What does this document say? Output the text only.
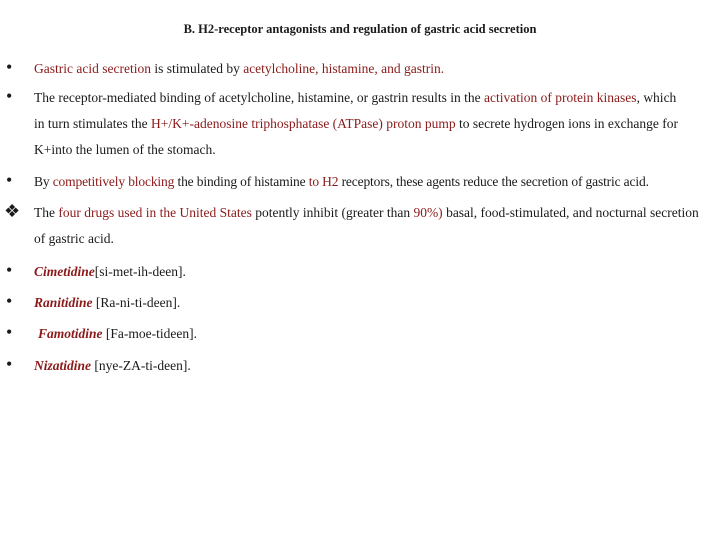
B. H2-receptor antagonists and regulation of gastric acid secretion
• Gastric acid secretion is stimulated by acetylcholine, histamine, and gastrin.
• The receptor-mediated binding of acetylcholine, histamine, or gastrin results in the activation of protein kinases, which in turn stimulates the H+/K+-adenosine triphosphatase (ATPase) proton pump to secrete hydrogen ions in exchange for K+into the lumen of the stomach.
• By competitively blocking the binding of histamine to H2 receptors, these agents reduce the secretion of gastric acid.
❖ The four drugs used in the United States potently inhibit (greater than 90%) basal, food-stimulated, and nocturnal secretion of gastric acid.
• Cimetidine[si-met-ih-deen].
• Ranitidine [Ra-ni-ti-deen].
• Famotidine [Fa-moe-tideen].
• Nizatidine [nye-ZA-ti-deen].
